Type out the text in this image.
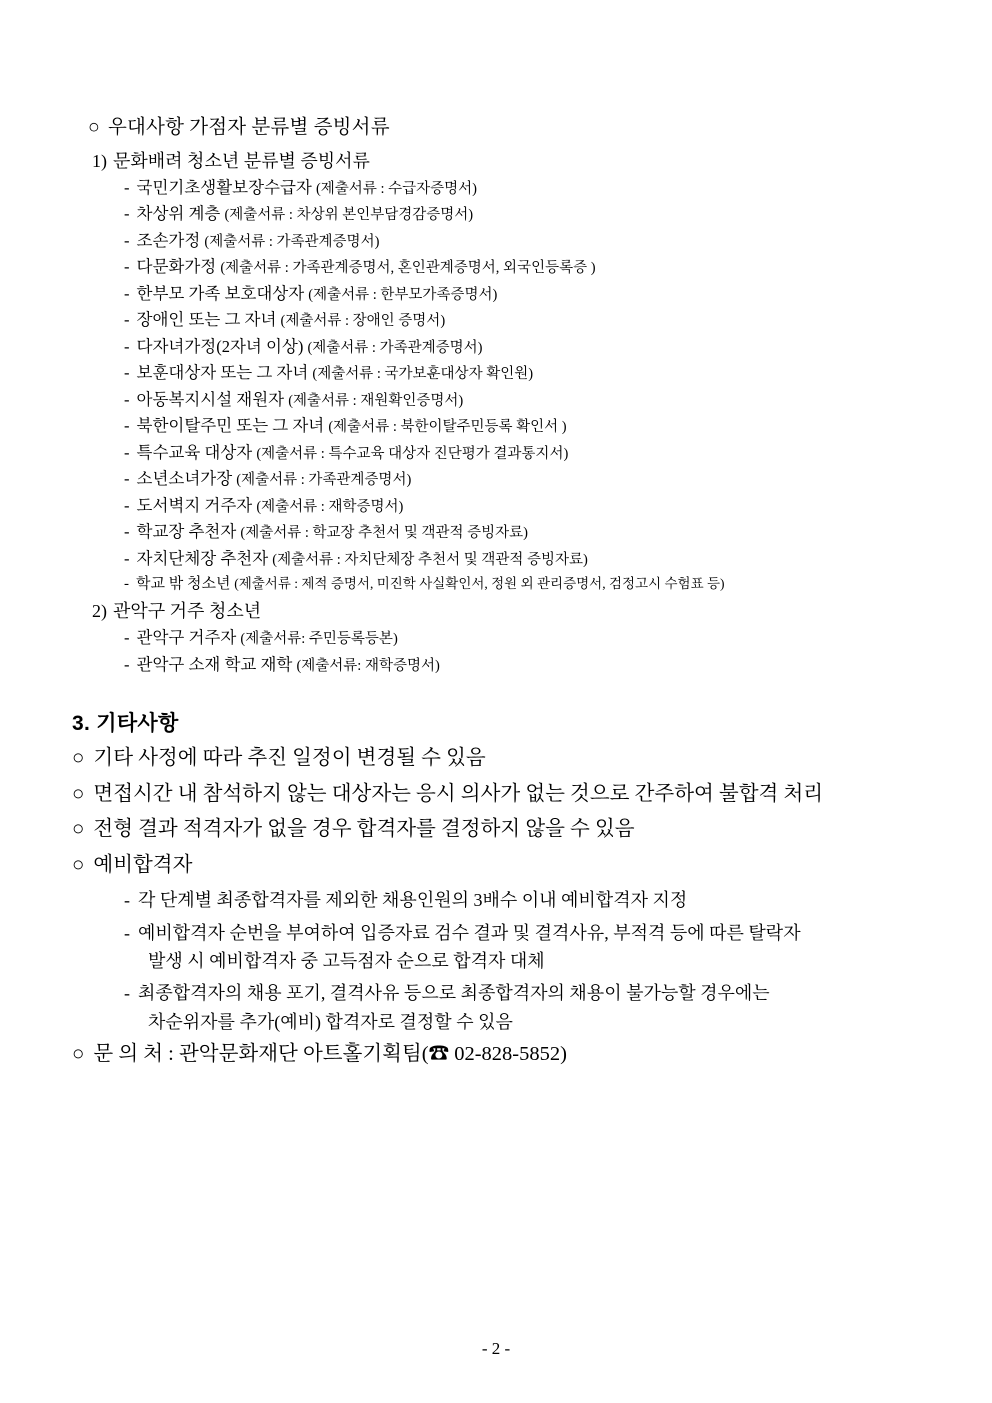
○ 우대사항 가점자 분류별 증빙서류

1) 문화배려 청소년 분류별 증빙서류

- 국민기초생활보장수급자 (제출서류 : 수급자증명서)

- 차상위 계층 (제출서류 : 차상위 본인부담경감증명서)

- 조손가정 (제출서류 : 가족관계증명서)

- 다문화가정 (제출서류 : 가족관계증명서, 혼인관계증명서, 외국인등록증 )

- 한부모 가족 보호대상자 (제출서류 : 한부모가족증명서)

- 장애인 또는 그 자녀 (제출서류 : 장애인 증명서)

- 다자녀가정(2자녀 이상) (제출서류 : 가족관계증명서)

- 보훈대상자 또는 그 자녀 (제출서류 : 국가보훈대상자 확인원)

- 아동복지시설 재원자 (제출서류 : 재원확인증명서)

- 북한이탈주민 또는 그 자녀 (제출서류 : 북한이탈주민등록 확인서 )

- 특수교육 대상자 (제출서류 : 특수교육 대상자 진단평가 결과통지서)

- 소년소녀가장 (제출서류 : 가족관계증명서)

- 도서벽지 거주자 (제출서류 : 재학증명서)

- 학교장 추천자 (제출서류 : 학교장 추천서 및 객관적 증빙자료)

- 자치단체장 추천자 (제출서류 : 자치단체장 추천서 및 객관적 증빙자료)

- 학교 밖 청소년 (제출서류 : 제적 증명서, 미진학 사실확인서, 정원 외 관리증명서, 검정고시 수험표 등)

2) 관악구 거주 청소년

- 관악구 거주자 (제출서류: 주민등록등본)

- 관악구 소재 학교 재학 (제출서류: 재학증명서)

3. 기타사항

○ 기타 사정에 따라 추진 일정이 변경될 수 있음

○ 면접시간 내 참석하지 않는 대상자는 응시 의사가 없는 것으로 간주하여 불합격 처리

○ 전형 결과 적격자가 없을 경우 합격자를 결정하지 않을 수 있음

○ 예비합격자

- 각 단계별 최종합격자를 제외한 채용인원의 3배수 이내 예비합격자 지정

- 예비합격자 순번을 부여하여 입증자료 검수 결과 및 결격사유, 부적격 등에 따른 탈락자
발생 시 예비합격자 중 고득점자 순으로 합격자 대체

- 최종합격자의 채용 포기, 결격사유 등으로 최종합격자의 채용이 불가능할 경우에는
차순위자를 추가(예비) 합격자로 결정할 수 있음

○ 문 의 처 : 관악문화재단 아트홀기획팀(☎ 02-828-5852)

- 2 -
